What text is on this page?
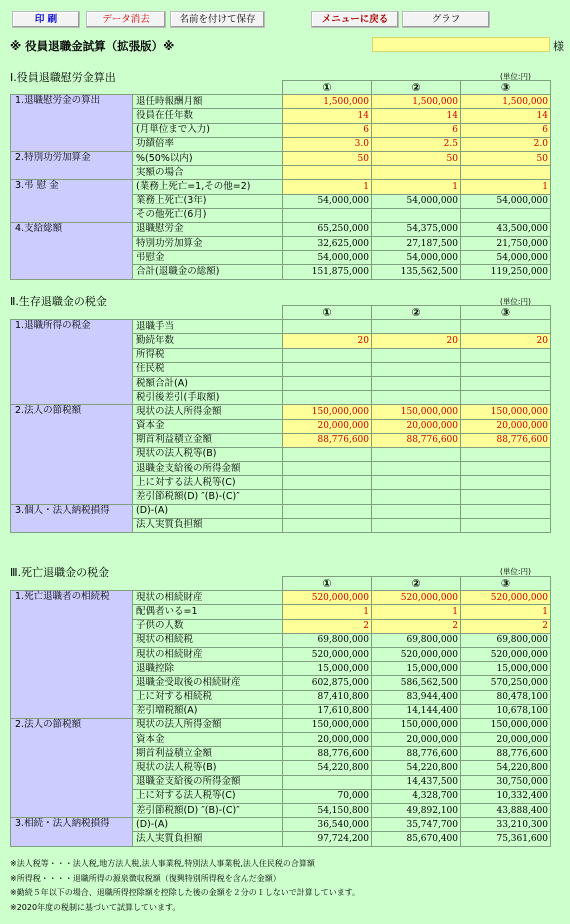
印 刷	データ消去	名前を付けて保存	メニューに戻る	グラフ
※ 役員退職金試算（拡張版）※	様
Ⅰ.役員退職慰労金算出	(単位:円)
		①	②	③
1.退職慰労金の算出	退任時報酬月額	1,500,000	1,500,000	1,500,000
	役員在任年数	14	14	14
	(月単位まで入力)	6	6	6
	功績倍率	3.0	2.5	2.0
2.特別功労加算金	%(50%以内)	50	50	50
	実額の場合			
3.弔 慰 金	(業務上死亡=1,その他=2)	1	1	1
	業務上死亡(3年)	54,000,000	54,000,000	54,000,000
	その他死亡(6月)			
4.支給総額	退職慰労金	65,250,000	54,375,000	43,500,000
	特別功労加算金	32,625,000	27,187,500	21,750,000
	弔慰金	54,000,000	54,000,000	54,000,000
	合計(退職金の総額)	151,875,000	135,562,500	119,250,000
Ⅱ.生存退職金の税金	(単位:円)
		①	②	③
1.退職所得の税金	退職手当			
	勤続年数	20	20	20
	所得税			
	住民税			
	税額合計(A)			
	税引後差引(手取額)			
2.法人の節税額	現状の法人所得金額	150,000,000	150,000,000	150,000,000
	資本金	20,000,000	20,000,000	20,000,000
	期首利益積立金額	88,776,600	88,776,600	88,776,600
	現状の法人税等(B)			
	退職金支給後の所得金額			
	上に対する法人税等(C)			
	差引節税額(D) ″(B)-(C)″			
3.個人・法人納税損得	(D)-(A)			
	法人実質負担額			
Ⅲ.死亡退職金の税金	(単位:円)
		①	②	③
1.死亡退職者の相続税	現状の相続財産	520,000,000	520,000,000	520,000,000
	配偶者いる=1	1	1	1
	子供の人数	2	2	2
	現状の相続税	69,800,000	69,800,000	69,800,000
	現状の相続財産	520,000,000	520,000,000	520,000,000
	退職控除	15,000,000	15,000,000	15,000,000
	退職金受取後の相続財産	602,875,000	586,562,500	570,250,000
	上に対する相続税	87,410,800	83,944,400	80,478,100
	差引増税額(A)	17,610,800	14,144,400	10,678,100
2.法人の節税額	現状の法人所得金額	150,000,000	150,000,000	150,000,000
	資本金	20,000,000	20,000,000	20,000,000
	期首利益積立金額	88,776,600	88,776,600	88,776,600
	現状の法人税等(B)	54,220,800	54,220,800	54,220,800
	退職金支給後の所得金額		14,437,500	30,750,000
	上に対する法人税等(C)	70,000	4,328,700	10,332,400
	差引節税額(D) ″(B)-(C)″	54,150,800	49,892,100	43,888,400
3.相続・法人納税損得	(D)-(A)	36,540,000	35,747,700	33,210,300
	法人実質負担額	97,724,200	85,670,400	75,361,600
※法人税等・・・法人税,地方法人税,法人事業税,特別法人事業税,法人住民税の合算額
※所得税・・・・退職所得の源泉徴収税額（復興特別所得税を含んだ金額）
※勤続５年以下の場合、退職所得控除額を控除した後の金額を２分の１しないで計算しています。
※2020年度の税制に基づいて試算しています。
